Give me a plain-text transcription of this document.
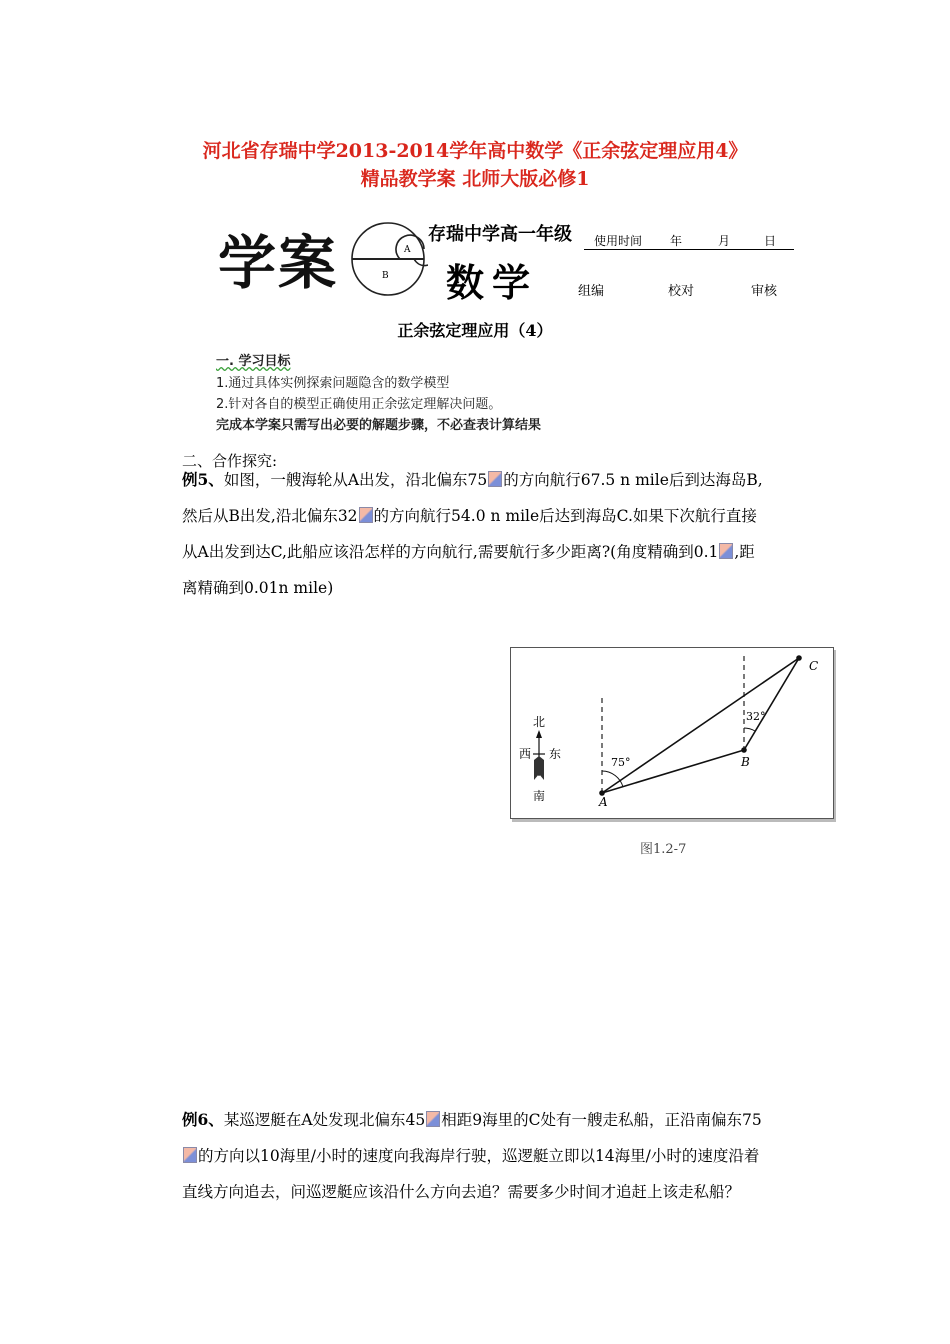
河北省存瑞中学2013-2014学年高中数学《正余弦定理应用4》
精品教学案 北师大版必修1
学案	A
B
存瑞中学高一年级
数学
使用时间 年	月	日
组编	校对	审核
正余弦定理应用（4）
一. 学习目标
1.通过具体实例探索问题隐含的数学模型
2.针对各自的模型正确使用正余弦定理解决问题。
完成本学案只需写出必要的解题步骤，不必查表计算结果
二、合作探究:
例5、如图，一艘海轮从A出发，沿北偏东75 的方向航行67.5 n mile后到达海岛B,
然后从B出发,沿北偏东32 的方向航行54.0 n mile后达到海岛C.如果下次航行直接
从A出发到达C,此船应该沿怎样的方向航行,需要航行多少距离?(角度精确到0.1 ,距
离精确到0.01n mile)
75°
32°
A
B
C
北
西 东
南
图1.2-7
例6、某巡逻艇在A处发现北偏东45 相距9海里的C处有一艘走私船，正沿南偏东75
的方向以10海里/小时的速度向我海岸行驶，巡逻艇立即以14海里/小时的速度沿着
直线方向追去，问巡逻艇应该沿什么方向去追？需要多少时间才追赶上该走私船？
